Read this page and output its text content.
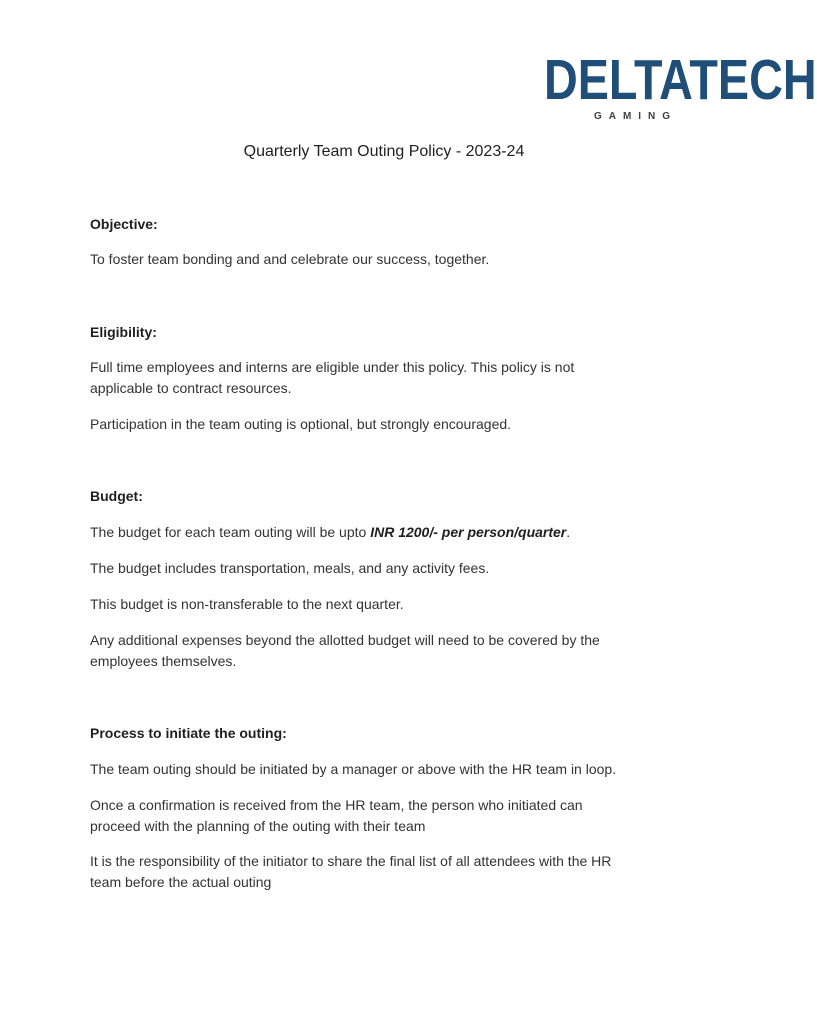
DELTATECH
GAMING
Quarterly Team Outing Policy - 2023-24
Objective:
To foster team bonding and and celebrate our success, together.
Eligibility:
Full time employees and interns are eligible under this policy. This policy is not
applicable to contract resources.
Participation in the team outing is optional, but strongly encouraged.
Budget:
The budget for each team outing will be upto INR 1200/- per person/quarter.
The budget includes transportation, meals, and any activity fees.
This budget is non-transferable to the next quarter.
Any additional expenses beyond the allotted budget will need to be covered by the
employees themselves.
Process to initiate the outing:
The team outing should be initiated by a manager or above with the HR team in loop.
Once a confirmation is received from the HR team, the person who initiated can
proceed with the planning of the outing with their team
It is the responsibility of the initiator to share the final list of all attendees with the HR
team before the actual outing
